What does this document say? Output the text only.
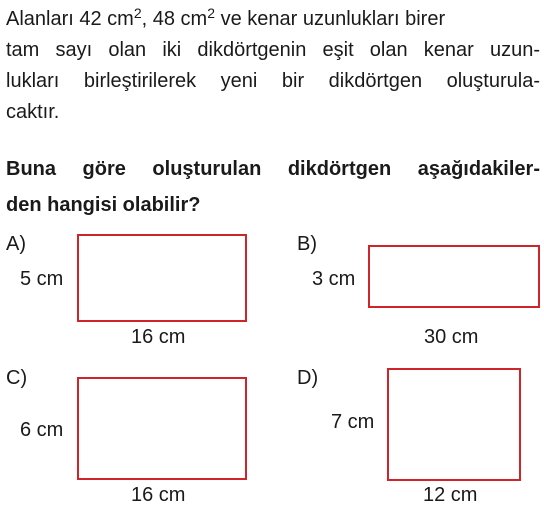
Alanları 42 $cm^2$, 48 $cm^2$ ve kenar uzunlukları birer
tam sayı olan iki dikdörtgenin eşit olan kenar uzun-
lukları birleştirilerek yeni bir dikdörtgen oluşturula-
caktır.
Buna göre oluşturulan dikdörtgen aşağıdakiler-
den hangisi olabilir?
A)
5 cm
16 cm
B)
3 cm
30 cm
C)
6 cm
16 cm
D)
7 cm
12 cm
